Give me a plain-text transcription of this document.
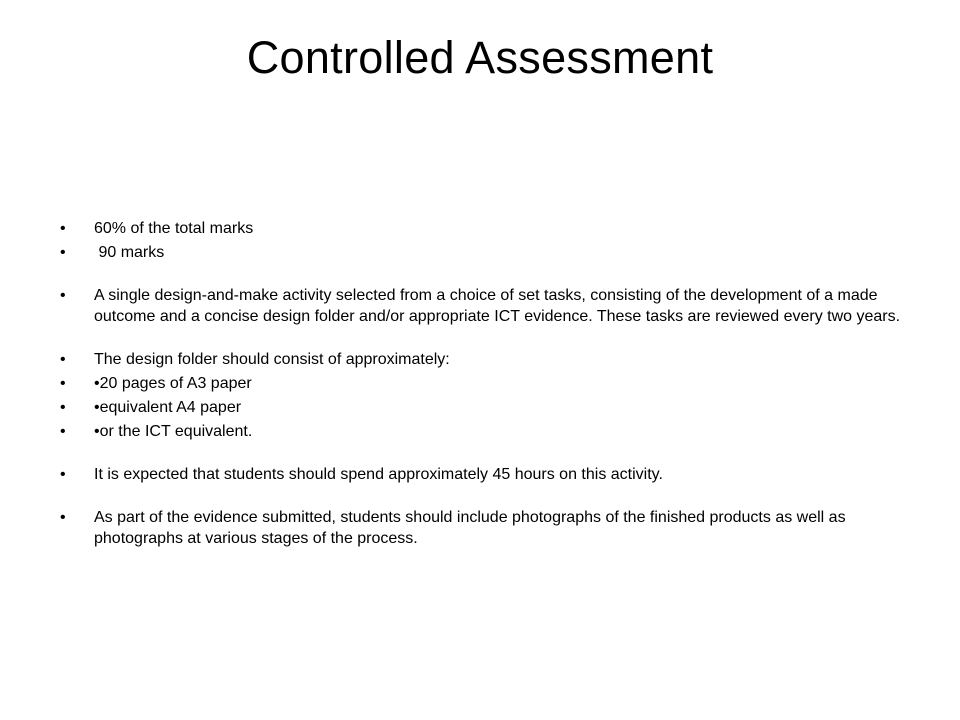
Controlled Assessment
•	60% of the total marks
•	90 marks
•	A single design-and-make activity selected from a choice of set tasks, consisting of the development of a made outcome and a concise design folder and/or appropriate ICT evidence. These tasks are reviewed every two years.
•	The design folder should consist of approximately:
•	•20 pages of A3 paper
•	•equivalent A4 paper
•	•or the ICT equivalent.
•	It is expected that students should spend approximately 45 hours on this activity.
•	As part of the evidence submitted, students should include photographs of the finished products as well as photographs at various stages of the process.
